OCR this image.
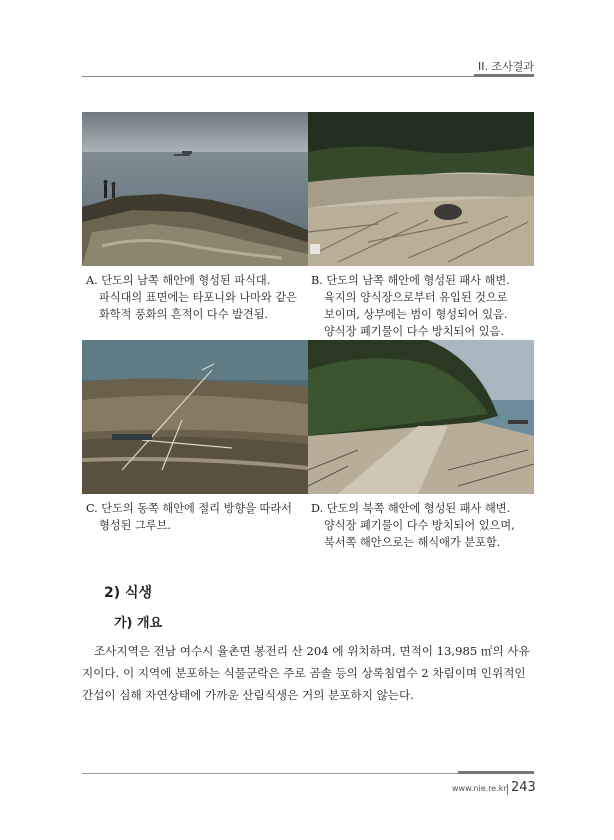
II. 조사결과
A. 단도의 남쪽 해안에 형성된 파식대.
파식대의 표면에는 타포니와 나마와 같은
화학적 풍화의 흔적이 다수 발견됨.
B. 단도의 남쪽 해안에 형성된 패사 해변.
육지의 양식장으로부터 유입된 것으로
보이며, 상부에는 범이 형성되어 있음.
양식장 폐기물이 다수 방치되어 있음.
C. 단도의 동쪽 해안에 절리 방향을 따라서
형성된 그루브.
D. 단도의 북쪽 해안에 형성된 패사 해변.
양식장 폐기물이 다수 방치되어 있으며,
북서쪽 해안으로는 해식애가 분포함.
2) 식생
가) 개요
조사지역은 전남 여수시 율촌면 봉전리 산 204 에 위치하며, 면적이 13,985 ㎡의 사유
지이다. 이 지역에 분포하는 식물군락은 주로 곰솔 등의 상록침엽수 2 차림이며 인위적인
간섭이 심해 자연상태에 가까운 산림식생은 거의 분포하지 않는다.
www.nie.re.kr 243
